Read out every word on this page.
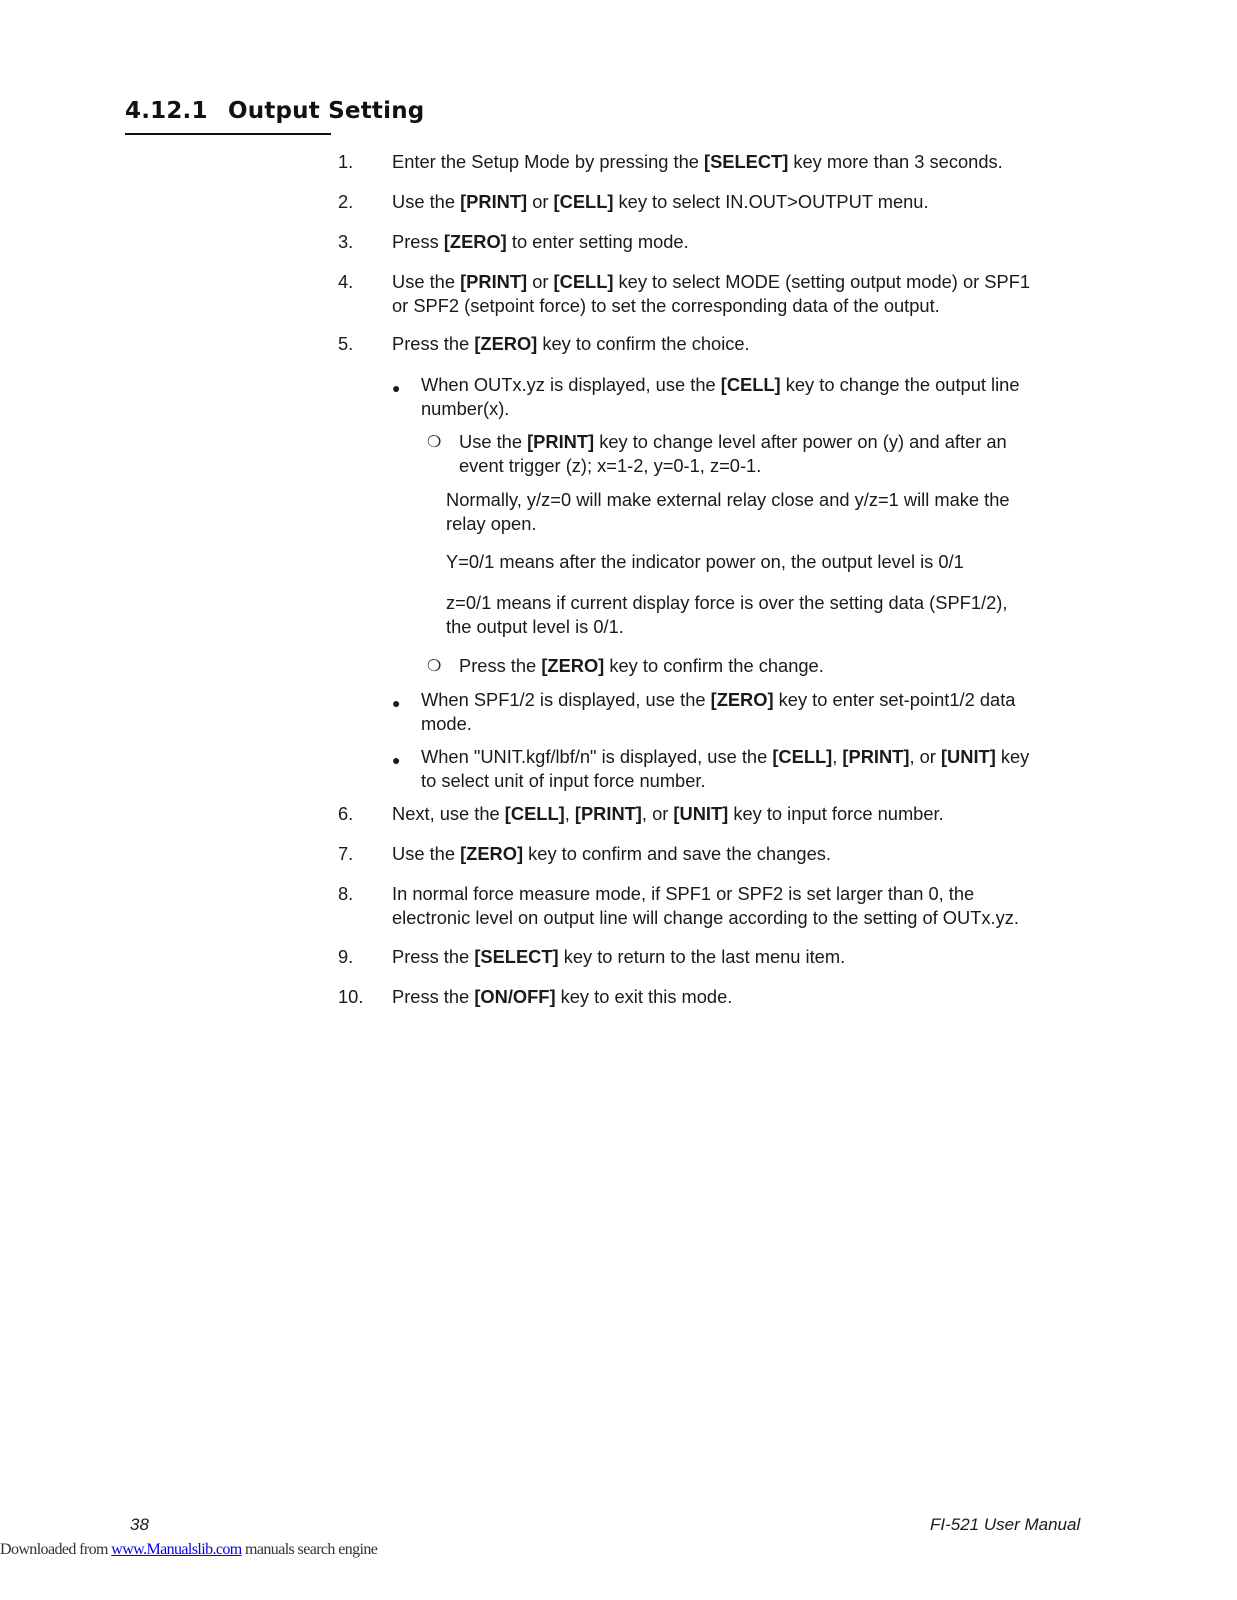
4.12.1 Output Setting
1. Enter the Setup Mode by pressing the [SELECT] key more than 3 seconds.
2. Use the [PRINT] or [CELL] key to select IN.OUT>OUTPUT menu.
3. Press [ZERO] to enter setting mode.
4. Use the [PRINT] or [CELL] key to select MODE (setting output mode) or SPF1
or SPF2 (setpoint force) to set the corresponding data of the output.
5. Press the [ZERO] key to confirm the choice.
● When OUTx.yz is displayed, use the [CELL] key to change the output line
number(x).
❍ Use the [PRINT] key to change level after power on (y) and after an
event trigger (z); x=1-2, y=0-1, z=0-1.
Normally, y/z=0 will make external relay close and y/z=1 will make the
relay open.
Y=0/1 means after the indicator power on, the output level is 0/1
z=0/1 means if current display force is over the setting data (SPF1/2),
the output level is 0/1.
❍ Press the [ZERO] key to confirm the change.
● When SPF1/2 is displayed, use the [ZERO] key to enter set-point1/2 data
mode.
● When "UNIT.kgf/lbf/n" is displayed, use the [CELL], [PRINT], or [UNIT] key
to select unit of input force number.
6. Next, use the [CELL], [PRINT], or [UNIT] key to input force number.
7. Use the [ZERO] key to confirm and save the changes.
8. In normal force measure mode, if SPF1 or SPF2 is set larger than 0, the
electronic level on output line will change according to the setting of OUTx.yz.
9. Press the [SELECT] key to return to the last menu item.
10. Press the [ON/OFF] key to exit this mode.
38	FI-521 User Manual
Downloaded from www.Manualslib.com manuals search engine
